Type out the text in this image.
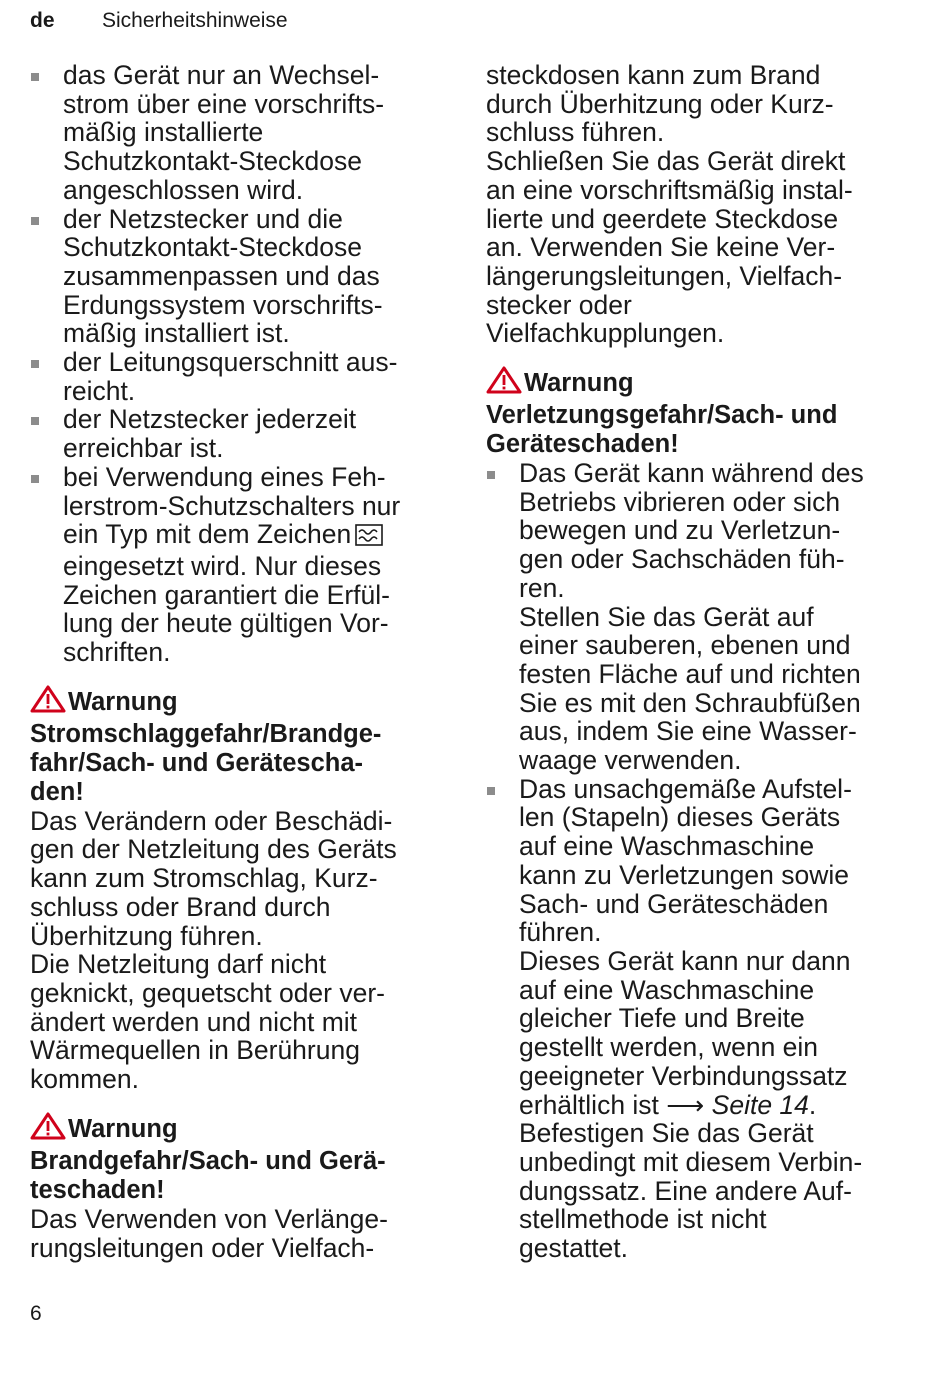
de Sicherheitshinweise
das Gerät nur an Wechsel-
strom über eine vorschrifts-
mäßig installierte
Schutzkontakt-Steckdose
angeschlossen wird.
der Netzstecker und die
Schutzkontakt-Steckdose
zusammenpassen und das
Erdungssystem vorschrifts-
mäßig installiert ist.
der Leitungsquerschnitt aus-
reicht.
der Netzstecker jederzeit
erreichbar ist.
bei Verwendung eines Feh-
lerstrom-Schutzschalters nur
ein Typ mit dem Zeichen
eingesetzt wird. Nur dieses
Zeichen garantiert die Erfül-
lung der heute gültigen Vor-
schriften.
Warnung
Stromschlaggefahr/Brandge-
fahr/Sach- und Geräteschа-
den!
Das Verändern oder Beschädi-
gen der Netzleitung des Geräts
kann zum Stromschlag, Kurz-
schluss oder Brand durch
Überhitzung führen.
Die Netzleitung darf nicht
geknickt, gequetscht oder ver-
ändert werden und nicht mit
Wärmequellen in Berührung
kommen.
Warnung
Brandgefahr/Sach- und Gerä-
teschaden!
Das Verwenden von Verlänge-
rungsleitungen oder Vielfach-
steckdosen kann zum Brand
durch Überhitzung oder Kurz-
schluss führen.
Schließen Sie das Gerät direkt
an eine vorschriftsmäßig instal-
lierte und geerdete Steckdose
an. Verwenden Sie keine Ver-
längerungsleitungen, Vielfach-
stecker oder
Vielfachkupplungen.
Warnung
Verletzungsgefahr/Sach- und
Geräteschaden!
Das Gerät kann während des
Betriebs vibrieren oder sich
bewegen und zu Verletzun-
gen oder Sachschäden füh-
ren.
Stellen Sie das Gerät auf
einer sauberen, ebenen und
festen Fläche auf und richten
Sie es mit den Schraubfüßen
aus, indem Sie eine Wasser-
waage verwenden.
Das unsachgemäße Aufstel-
len (Stapeln) dieses Geräts
auf eine Waschmaschine
kann zu Verletzungen sowie
Sach- und Geräteschäden
führen.
Dieses Gerät kann nur dann
auf eine Waschmaschine
gleicher Tiefe und Breite
gestellt werden, wenn ein
geeigneter Verbindungssatz
erhältlich ist ⟶ Seite 14.
Befestigen Sie das Gerät
unbedingt mit diesem Verbin-
dungssatz. Eine andere Auf-
stellmethode ist nicht
gestattet.
6
